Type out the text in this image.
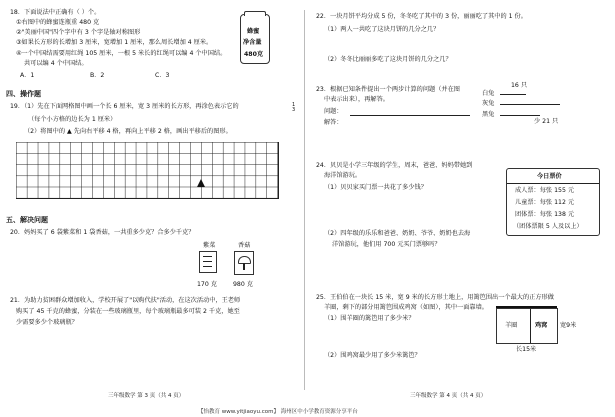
18．下面说法中正确有（ ）个。
①右图中的蜂蜜连瓶重 480 克
②"美丽中国"四个字中有 3 个字是轴对称图形
③如果长方形的长增加 3 厘米，宽增加 1 厘米，那么周长增加 4 厘米。
④一个中国结需要用红绳 105 厘米，一根 5 米长的红绳可以编 4 个中国结。
共可以编 4 个中国结。
A．1	B．2	C．3
蜂蜜
净含量
480克
四、操作题
19．（1）先在下面网格图中画一个长 6 厘米，宽 3 厘米的长方形，再涂色表示它的	1
3
（每个小方格的边长为 1 厘米）
（2）将图中的 ▲ 先向右平移 4 格，再向上平移 2 格，画出平移后的图形。
五、解决问题
20．妈妈买了 6 袋紫菜和 1 袋香菇，一共重多少克？合多少千克？
紫菜
170 克
香菇
980 克
21．为助力贫困群众增加收入，学校开展了"以购代扶"活动，在这次活动中，王老师
购买了 45 千克的蜂蜜，分装在一些玻璃瓶里，每个玻璃瓶最多可装 2 千克，她至
少需要多少个玻璃瓶？
三年级数学 第 3 页（共 4 页）
22．一块月饼平均分成 5 份，冬冬吃了其中的 3 份，丽丽吃了其中的 1 份。
（1）两人一共吃了这块月饼的几分之几？
（2）冬冬比丽丽多吃了这块月饼的几分之几？
23．根据已知条件提出一个两步计算的问题（并在图
中表示出来），再解答。
问题：
解答：
16 只
白兔
灰兔
黑兔
少 21 只
24．贝贝是小学三年级的学生，周末，爸爸、妈妈带她到
海洋馆游玩。
（1）贝贝家买门票一共花了多少钱？
（2）四年级的乐乐和爸爸、奶奶、爷爷、奶奶也去海
洋馆游玩，他们用 700 元买门票够吗？
今日票价
成人票：每张 155 元
儿童票：每张 112 元
团体票：每张 138 元
（团体票限 5 人及以上）
25．王伯伯在一块长 15 米，宽 9 米的长方形土地上，用篱笆围出一个最大的正方形做
羊圈，剩下的部分用篱笆围成鸡窝（如图），其中一面靠墙。
（1）围羊圈的篱笆用了多少米？
（2）围鸡窝最少用了多少米篱笆？
羊圈	鸡窝 宽9米
长15米
三年级数学 第 4 页（共 4 页）
【怡教育 www.yitjiaoyu.com】 海州区中小学教育资源分享平台
